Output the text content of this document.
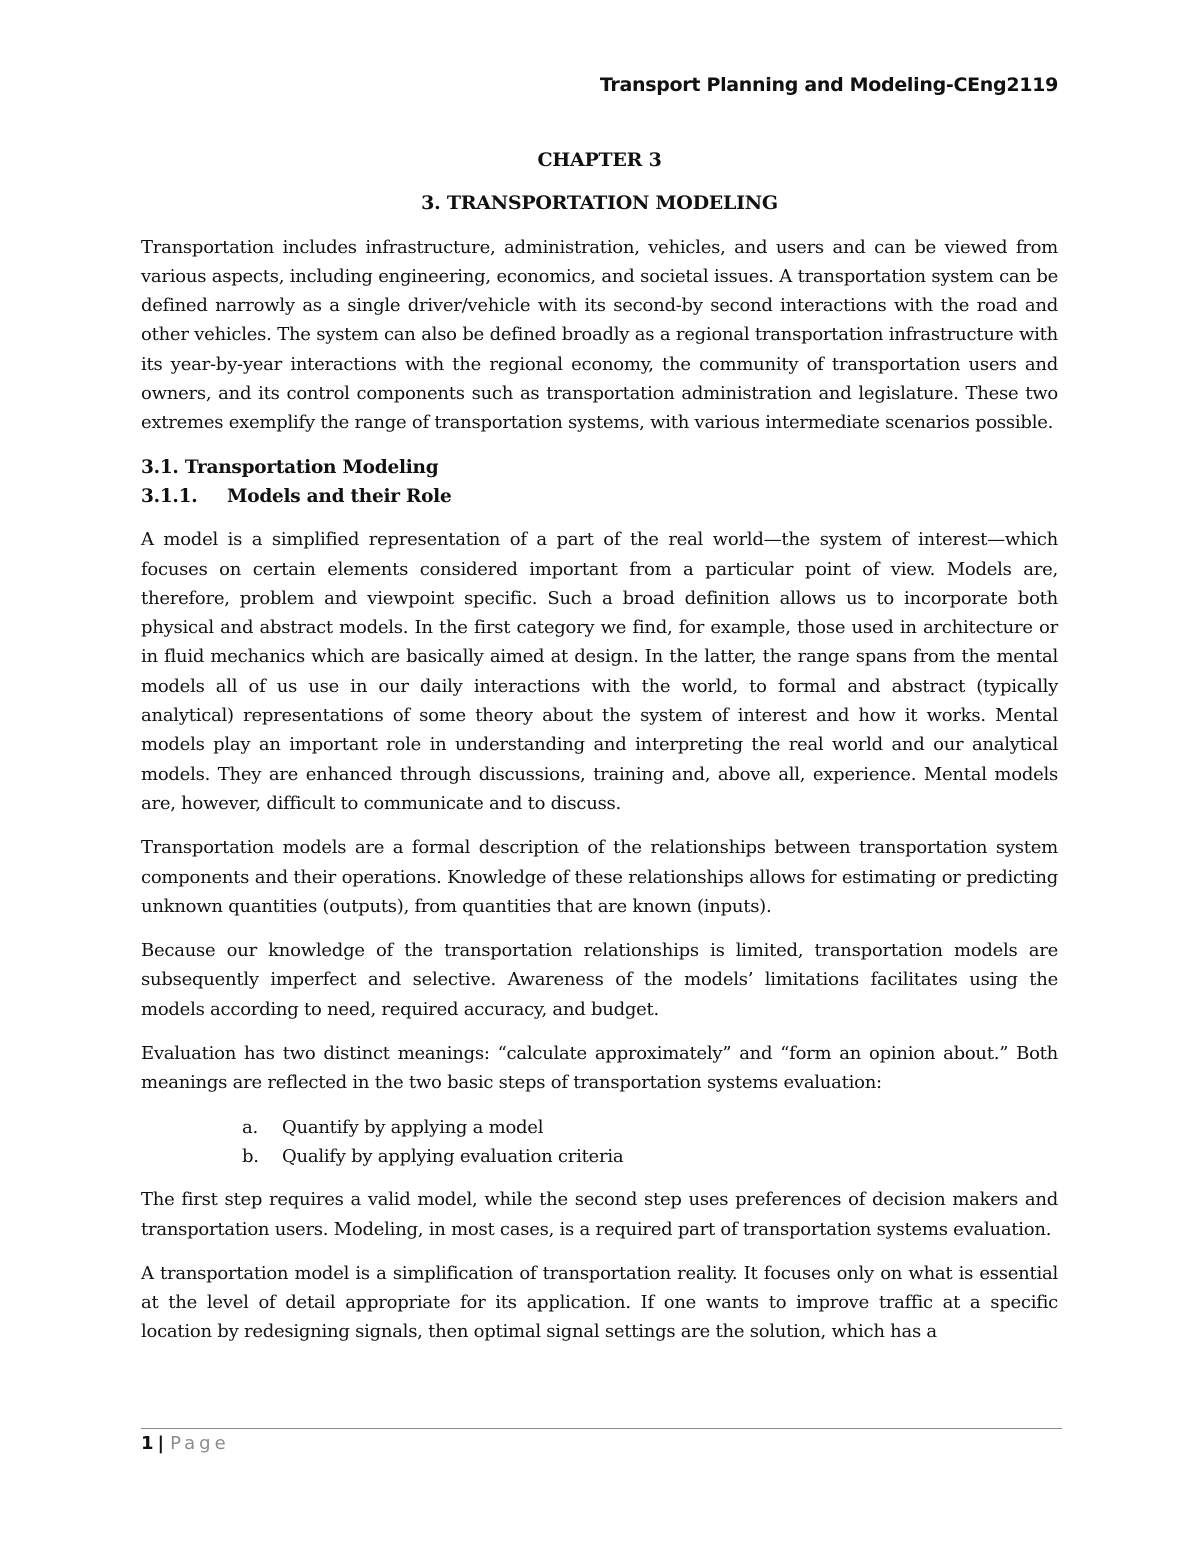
Transport Planning and Modeling-CEng2119
CHAPTER 3
3. TRANSPORTATION MODELING

Transportation includes infrastructure, administration, vehicles, and users and can be viewed from various aspects, including engineering, economics, and societal issues. A transportation system can be defined narrowly as a single driver/vehicle with its second-by second interactions with the road and other vehicles. The system can also be defined broadly as a regional transportation infrastructure with its year-by-year interactions with the regional economy, the community of transportation users and owners, and its control components such as transportation administration and legislature. These two extremes exemplify the range of transportation systems, with various intermediate scenarios possible.

3.1. Transportation Modeling
3.1.1. Models and their Role

A model is a simplified representation of a part of the real world—the system of interest—which focuses on certain elements considered important from a particular point of view. Models are, therefore, problem and viewpoint specific. Such a broad definition allows us to incorporate both physical and abstract models. In the first category we find, for example, those used in architecture or in fluid mechanics which are basically aimed at design. In the latter, the range spans from the mental models all of us use in our daily interactions with the world, to formal and abstract (typically analytical) representations of some theory about the system of interest and how it works. Mental models play an important role in understanding and interpreting the real world and our analytical models. They are enhanced through discussions, training and, above all, experience. Mental models are, however, difficult to communicate and to discuss.

Transportation models are a formal description of the relationships between transportation system components and their operations. Knowledge of these relationships allows for estimating or predicting unknown quantities (outputs), from quantities that are known (inputs).

Because our knowledge of the transportation relationships is limited, transportation models are subsequently imperfect and selective. Awareness of the models’ limitations facilitates using the models according to need, required accuracy, and budget.

Evaluation has two distinct meanings: “calculate approximately” and “form an opinion about.” Both meanings are reflected in the two basic steps of transportation systems evaluation:

a. Quantify by applying a model
b. Qualify by applying evaluation criteria

The first step requires a valid model, while the second step uses preferences of decision makers and transportation users. Modeling, in most cases, is a required part of transportation systems evaluation.

A transportation model is a simplification of transportation reality. It focuses only on what is essential at the level of detail appropriate for its application. If one wants to improve traffic at a specific location by redesigning signals, then optimal signal settings are the solution, which has a

1 | Page
